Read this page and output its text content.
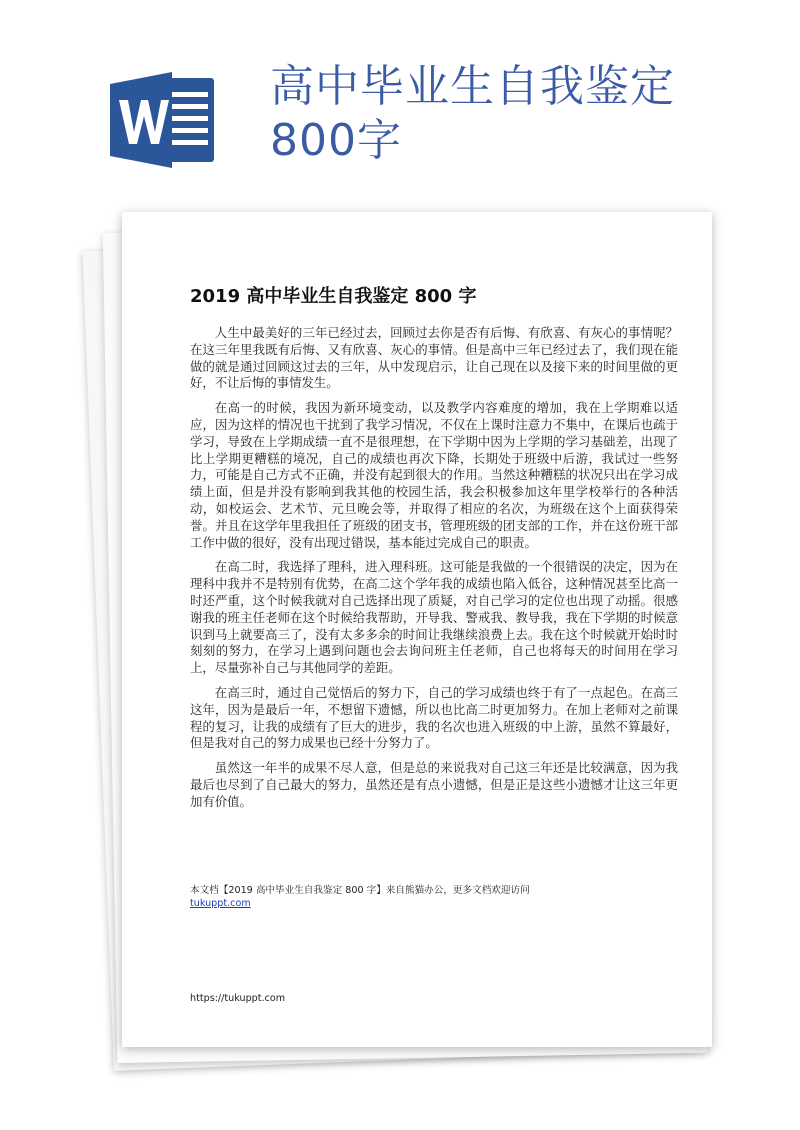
高中毕业生自我鉴定800字
2019 高中毕业生自我鉴定 800 字

人生中最美好的三年已经过去，回顾过去你是否有后悔、有欣喜、有灰心的事情呢？在这三年里我既有后悔、又有欣喜、灰心的事情。但是高中三年已经过去了，我们现在能做的就是通过回顾这过去的三年，从中发现启示，让自己现在以及接下来的时间里做的更好，不让后悔的事情发生。

在高一的时候，我因为新环境变动，以及教学内容难度的增加，我在上学期难以适应，因为这样的情况也干扰到了我学习情况，不仅在上课时注意力不集中，在课后也疏于学习，导致在上学期成绩一直不是很理想，在下学期中因为上学期的学习基础差，出现了比上学期更糟糕的境况，自己的成绩也再次下降，长期处于班级中后游，我试过一些努力，可能是自己方式不正确，并没有起到很大的作用。当然这种糟糕的状况只出在学习成绩上面，但是并没有影响到我其他的校园生活，我会积极参加这年里学校举行的各种活动，如校运会、艺术节、元旦晚会等，并取得了相应的名次，为班级在这个上面获得荣誉。并且在这学年里我担任了班级的团支书，管理班级的团支部的工作，并在这份班干部工作中做的很好，没有出现过错误，基本能过完成自己的职责。

在高二时，我选择了理科，进入理科班。这可能是我做的一个很错误的决定，因为在理科中我并不是特别有优势，在高二这个学年我的成绩也陷入低谷，这种情况甚至比高一时还严重，这个时候我就对自己选择出现了质疑，对自己学习的定位也出现了动摇。很感谢我的班主任老师在这个时候给我帮助，开导我、警戒我、教导我，我在下学期的时候意识到马上就要高三了，没有太多多余的时间让我继续浪费上去。我在这个时候就开始时时刻刻的努力，在学习上遇到问题也会去询问班主任老师，自己也将每天的时间用在学习上，尽量弥补自己与其他同学的差距。

在高三时，通过自己觉悟后的努力下，自己的学习成绩也终于有了一点起色。在高三这年，因为是最后一年，不想留下遗憾，所以也比高二时更加努力。在加上老师对之前课程的复习，让我的成绩有了巨大的进步，我的名次也进入班级的中上游，虽然不算最好，但是我对自己的努力成果也已经十分努力了。

虽然这一年半的成果不尽人意，但是总的来说我对自己这三年还是比较满意，因为我最后也尽到了自己最大的努力，虽然还是有点小遗憾，但是正是这些小遗憾才让这三年更加有价值。

本文档【2019 高中毕业生自我鉴定 800 字】来自熊猫办公，更多文档欢迎访问
tukuppt.com
https://tukuppt.com
